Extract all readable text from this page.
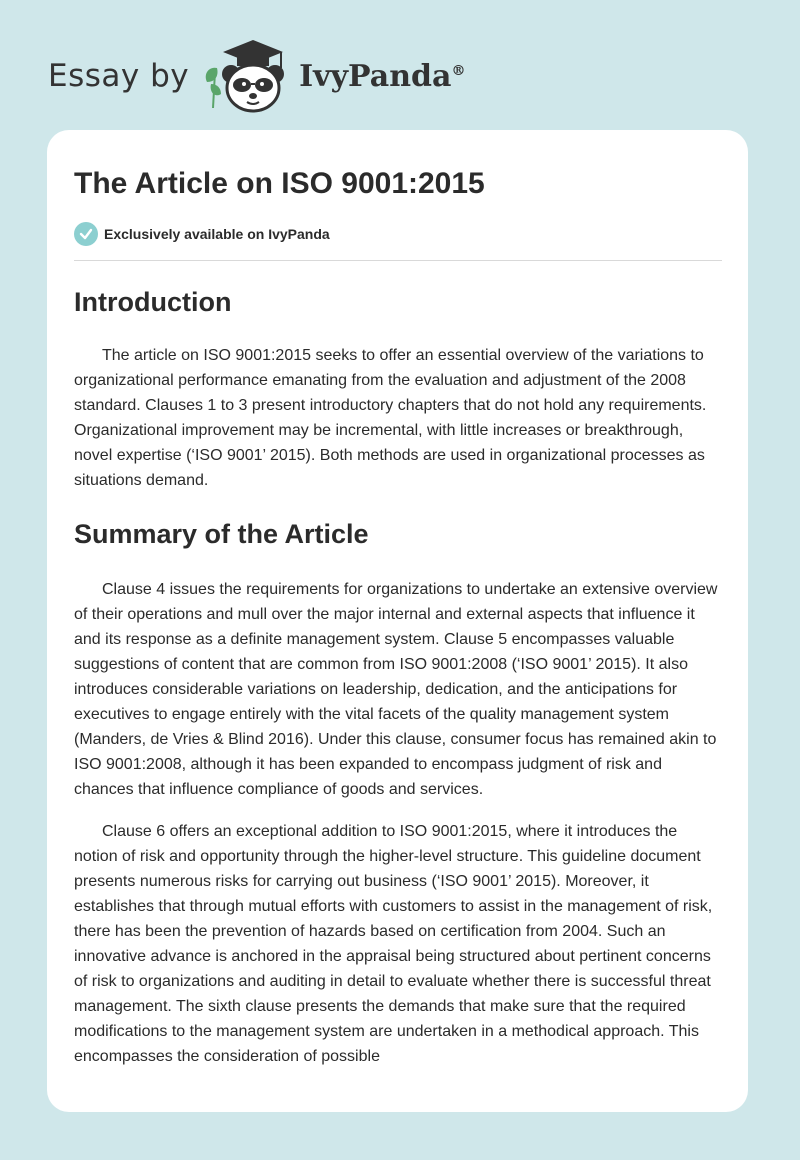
Essay by	IvyPanda®
The Article on ISO 9001:2015
Exclusively available on IvyPanda
Introduction

The article on ISO 9001:2015 seeks to offer an essential overview of the variations to organizational performance emanating from the evaluation and adjustment of the 2008 standard. Clauses 1 to 3 present introductory chapters that do not hold any requirements. Organizational improvement may be incremental, with little increases or breakthrough, novel expertise (‘ISO 9001’ 2015). Both methods are used in organizational processes as situations demand.

Summary of the Article

Clause 4 issues the requirements for organizations to undertake an extensive overview of their operations and mull over the major internal and external aspects that influence it and its response as a definite management system. Clause 5 encompasses valuable suggestions of content that are common from ISO 9001:2008 (‘ISO 9001’ 2015). It also introduces considerable variations on leadership, dedication, and the anticipations for executives to engage entirely with the vital facets of the quality management system (Manders, de Vries & Blind 2016). Under this clause, consumer focus has remained akin to ISO 9001:2008, although it has been expanded to encompass judgment of risk and chances that influence compliance of goods and services.

Clause 6 offers an exceptional addition to ISO 9001:2015, where it introduces the notion of risk and opportunity through the higher-level structure. This guideline document presents numerous risks for carrying out business (‘ISO 9001’ 2015). Moreover, it establishes that through mutual efforts with customers to assist in the management of risk, there has been the prevention of hazards based on certification from 2004. Such an innovative advance is anchored in the appraisal being structured about pertinent concerns of risk to organizations and auditing in detail to evaluate whether there is successful threat management. The sixth clause presents the demands that make sure that the required modifications to the management system are undertaken in a methodical approach. This encompasses the consideration of possible
